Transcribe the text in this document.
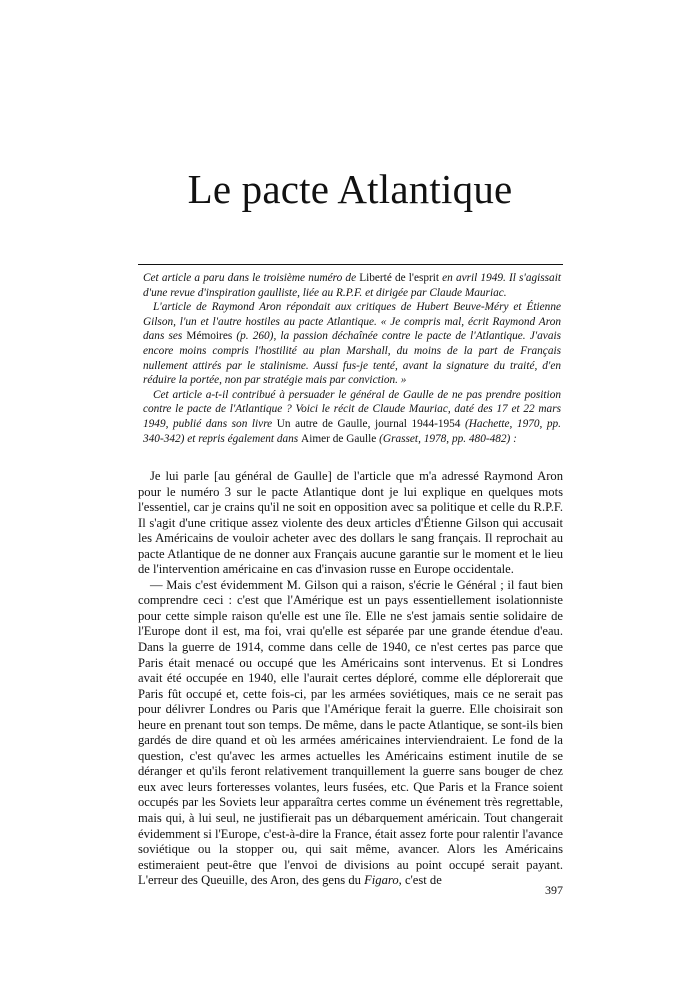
Le pacte Atlantique

Cet article a paru dans le troisième numéro de Liberté de l'esprit en avril 1949. Il s'agissait d'une revue d'inspiration gaulliste, liée au R.P.F. et dirigée par Claude Mauriac.

L'article de Raymond Aron répondait aux critiques de Hubert Beuve-Méry et Étienne Gilson, l'un et l'autre hostiles au pacte Atlantique. « Je compris mal, écrit Raymond Aron dans ses Mémoires (p. 260), la passion déchaînée contre le pacte de l'Atlantique. J'avais encore moins compris l'hostilité au plan Marshall, du moins de la part de Français nullement attirés par le stalinisme. Aussi fus-je tenté, avant la signature du traité, d'en réduire la portée, non par stratégie mais par conviction. »

Cet article a-t-il contribué à persuader le général de Gaulle de ne pas prendre position contre le pacte de l'Atlantique ? Voici le récit de Claude Mauriac, daté des 17 et 22 mars 1949, publié dans son livre Un autre de Gaulle, journal 1944-1954 (Hachette, 1970, pp. 340-342) et repris également dans Aimer de Gaulle (Grasset, 1978, pp. 480-482) :

Je lui parle [au général de Gaulle] de l'article que m'a adressé Raymond Aron pour le numéro 3 sur le pacte Atlantique dont je lui explique en quelques mots l'essentiel, car je crains qu'il ne soit en opposition avec sa politique et celle du R.P.F. Il s'agit d'une critique assez violente des deux articles d'Étienne Gilson qui accusait les Américains de vouloir acheter avec des dollars le sang français. Il reprochait au pacte Atlantique de ne donner aux Français aucune garantie sur le moment et le lieu de l'intervention américaine en cas d'invasion russe en Europe occidentale.

— Mais c'est évidemment M. Gilson qui a raison, s'écrie le Général ; il faut bien comprendre ceci : c'est que l'Amérique est un pays essentiellement isolationniste pour cette simple raison qu'elle est une île. Elle ne s'est jamais sentie solidaire de l'Europe dont il est, ma foi, vrai qu'elle est séparée par une grande étendue d'eau. Dans la guerre de 1914, comme dans celle de 1940, ce n'est certes pas parce que Paris était menacé ou occupé que les Américains sont intervenus. Et si Londres avait été occupée en 1940, elle l'aurait certes déploré, comme elle déplorerait que Paris fût occupé et, cette fois-ci, par les armées soviétiques, mais ce ne serait pas pour délivrer Londres ou Paris que l'Amérique ferait la guerre. Elle choisirait son heure en prenant tout son temps. De même, dans le pacte Atlantique, se sont-ils bien gardés de dire quand et où les armées américaines interviendraient. Le fond de la question, c'est qu'avec les armes actuelles les Américains estiment inutile de se déranger et qu'ils feront relativement tranquillement la guerre sans bouger de chez eux avec leurs forteresses volantes, leurs fusées, etc. Que Paris et la France soient occupés par les Soviets leur apparaîtra certes comme un événement très regrettable, mais qui, à lui seul, ne justifierait pas un débarquement américain. Tout changerait évidemment si l'Europe, c'est-à-dire la France, était assez forte pour ralentir l'avance soviétique ou la stopper ou, qui sait même, avancer. Alors les Américains estimeraient peut-être que l'envoi de divisions au point occupé serait payant. L'erreur des Queuille, des Aron, des gens du Figaro, c'est de

397
